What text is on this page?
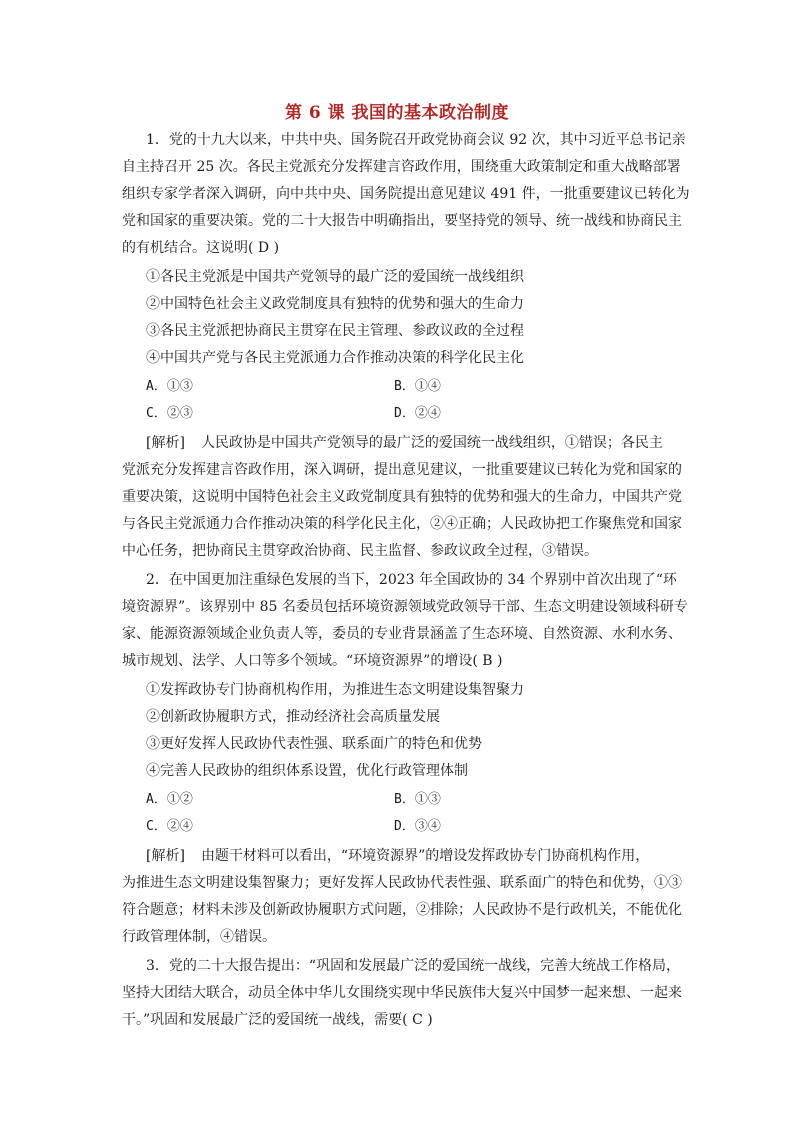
第 6 课 我国的基本政治制度
1．党的十九大以来，中共中央、国务院召开政党协商会议 92 次，其中习近平总书记亲
自主持召开 25 次。各民主党派充分发挥建言咨政作用，围绕重大政策制定和重大战略部署
组织专家学者深入调研，向中共中央、国务院提出意见建议 491 件，一批重要建议已转化为
党和国家的重要决策。党的二十大报告中明确指出，要坚持党的领导、统一战线和协商民主
的有机结合。这说明( D )
①各民主党派是中国共产党领导的最广泛的爱国统一战线组织
②中国特色社会主义政党制度具有独特的优势和强大的生命力
③各民主党派把协商民主贯穿在民主管理、参政议政的全过程
④中国共产党与各民主党派通力合作推动决策的科学化民主化
A．①③	B．①④
C．②③	D．②④
[解析] 人民政协是中国共产党领导的最广泛的爱国统一战线组织，①错误；各民主
党派充分发挥建言咨政作用，深入调研，提出意见建议，一批重要建议已转化为党和国家的
重要决策，这说明中国特色社会主义政党制度具有独特的优势和强大的生命力，中国共产党
与各民主党派通力合作推动决策的科学化民主化，②④正确；人民政协把工作聚焦党和国家
中心任务，把协商民主贯穿政治协商、民主监督、参政议政全过程，③错误。
2．在中国更加注重绿色发展的当下，2023 年全国政协的 34 个界别中首次出现了“环
境资源界”。该界别中 85 名委员包括环境资源领域党政领导干部、生态文明建设领域科研专
家、能源资源领域企业负责人等，委员的专业背景涵盖了生态环境、自然资源、水利水务、
城市规划、法学、人口等多个领域。“环境资源界”的增设( B )
①发挥政协专门协商机构作用，为推进生态文明建设集智聚力
②创新政协履职方式，推动经济社会高质量发展
③更好发挥人民政协代表性强、联系面广的特色和优势
④完善人民政协的组织体系设置，优化行政管理体制
A．①②	B．①③
C．②④	D．③④
[解析] 由题干材料可以看出，“环境资源界”的增设发挥政协专门协商机构作用，
为推进生态文明建设集智聚力；更好发挥人民政协代表性强、联系面广的特色和优势，①③
符合题意；材料未涉及创新政协履职方式问题，②排除；人民政协不是行政机关，不能优化
行政管理体制，④错误。
3．党的二十大报告提出：“巩固和发展最广泛的爱国统一战线，完善大统战工作格局，
坚持大团结大联合，动员全体中华儿女围绕实现中华民族伟大复兴中国梦一起来想、一起来
干。”巩固和发展最广泛的爱国统一战线，需要( C )
